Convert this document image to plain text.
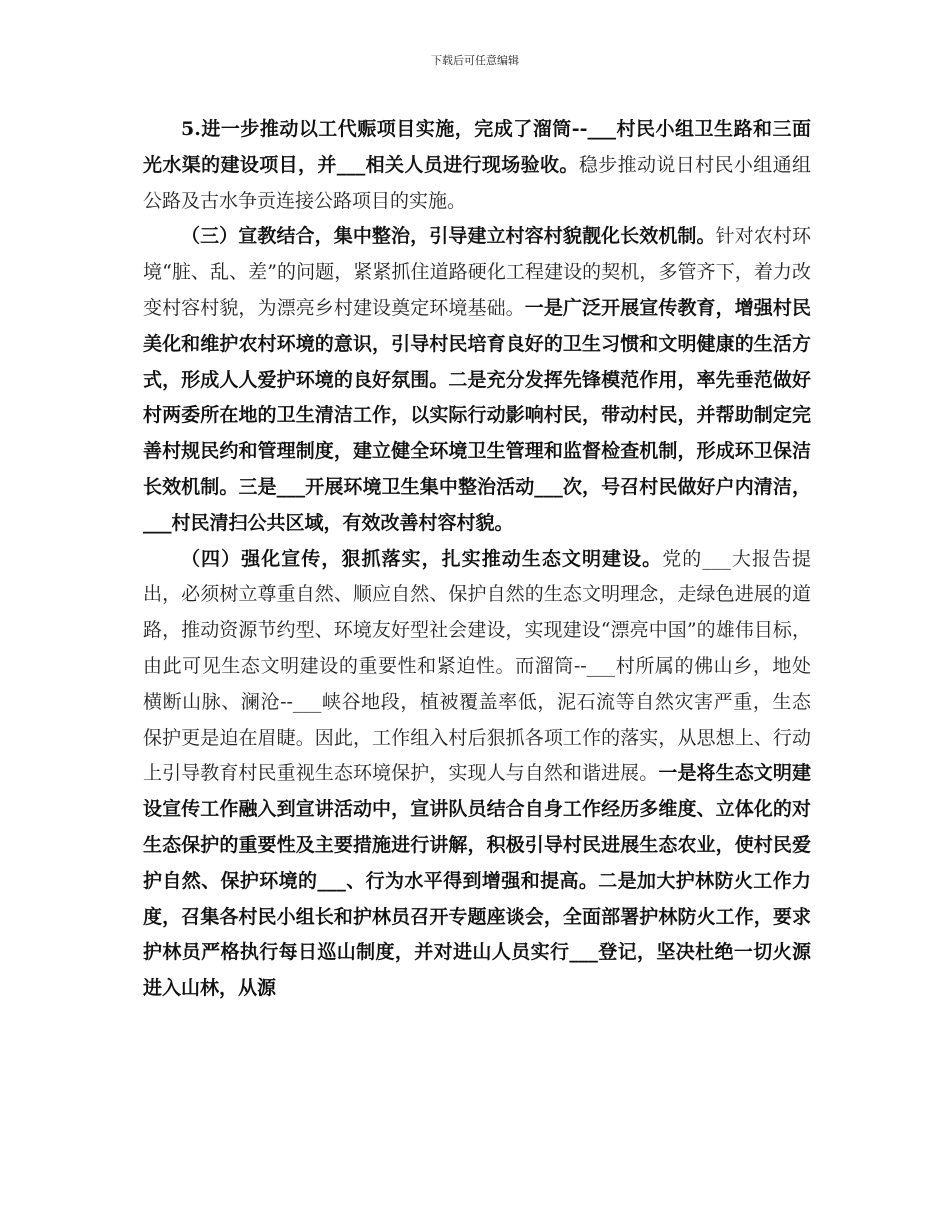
下载后可任意编辑

5.进一步推动以工代赈项目实施，完成了溜筒--___村民小组卫生路和三面光水渠的建设项目，并___相关人员进行现场验收。稳步推动说日村民小组通组公路及古水争贡连接公路项目的实施。

（三）宣教结合，集中整治，引导建立村容村貌靓化长效机制。针对农村环境“脏、乱、差”的问题，紧紧抓住道路硬化工程建设的契机，多管齐下，着力改变村容村貌，为漂亮乡村建设奠定环境基础。一是广泛开展宣传教育，增强村民美化和维护农村环境的意识，引导村民培育良好的卫生习惯和文明健康的生活方式，形成人人爱护环境的良好氛围。二是充分发挥先锋模范作用，率先垂范做好村两委所在地的卫生清洁工作，以实际行动影响村民，带动村民，并帮助制定完善村规民约和管理制度，建立健全环境卫生管理和监督检查机制，形成环卫保洁长效机制。三是___开展环境卫生集中整治活动___次，号召村民做好户内清洁，___村民清扫公共区域，有效改善村容村貌。

（四）强化宣传，狠抓落实，扎实推动生态文明建设。党的___大报告提出，必须树立尊重自然、顺应自然、保护自然的生态文明理念，走绿色进展的道路，推动资源节约型、环境友好型社会建设，实现建设“漂亮中国”的雄伟目标，由此可见生态文明建设的重要性和紧迫性。而溜筒--___村所属的佛山乡，地处横断山脉、澜沧--___峡谷地段，植被覆盖率低，泥石流等自然灾害严重，生态保护更是迫在眉睫。因此，工作组入村后狠抓各项工作的落实，从思想上、行动上引导教育村民重视生态环境保护，实现人与自然和谐进展。一是将生态文明建设宣传工作融入到宣讲活动中，宣讲队员结合自身工作经历多维度、立体化的对生态保护的重要性及主要措施进行讲解，积极引导村民进展生态农业，使村民爱护自然、保护环境的___、行为水平得到增强和提高。二是加大护林防火工作力度，召集各村民小组长和护林员召开专题座谈会，全面部署护林防火工作，要求护林员严格执行每日巡山制度，并对进山人员实行___登记，坚决杜绝一切火源进入山林，从源
